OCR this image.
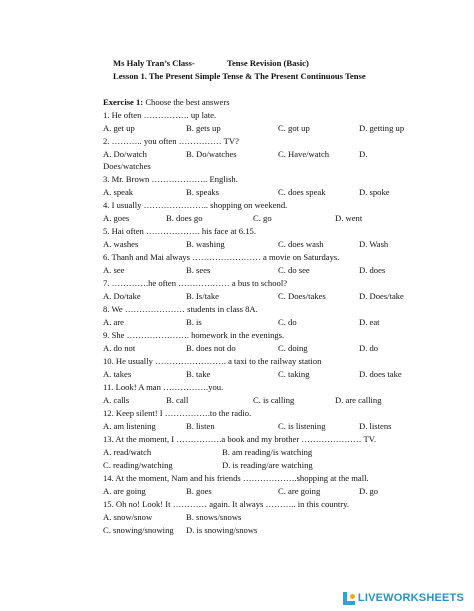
Ms Haly Tran’s Class-	Tense Revision (Basic)
Lesson 1. The Present Simple Tense & The Present Continuous Tense
Exercise 1: Choose the best answers
1. He often ……………. up late.
A. get up	B. gets up	C. got up	D. getting up
2. ……….. you often …………… TV?
A. Do/watch	B. Do/watches	C. Have/watch	D.
Does/watches
3. Mr. Brown ……………….. English.
A. speak	B. speaks	C. does speak	D. spoke
4. I usually ………………….. shopping on weekend.
A. goes	B. does go	C. go	D. went
5. Hai often ………………. his face at 6.15.
A. washes	B. washing	C. does wash	D. Wash
6. Thanh and Mai always …………………… a movie on Saturdays.
A. see	B. sees	C. do see	D. does
7. ………….he often ……………… a bus to school?
A. Do/take	B. Is/take	C. Does/takes	D. Does/take
8. We ………………… students in class 8A.
A. are	B. is	C. do	D. eat
9. She …………………. homework in the evenings.
A. do not	B. does not do	C. doing	D. do
10. He usually ……………………. a taxi to the railway station
A. takes	B. take	C. taking	D. does take
11. Look! A man …………….you.
A. calls	B. call	C. is calling	D. are calling
12. Keep silent! I …………….to the radio.
A. am listening	B. listen	C. is listening	D. listens
13. At the moment, I …………….a book and my brother ………………… TV.
A. read/watch	B. am reading/is watching
C. reading/watching	D. is reading/are watching
14. At the moment, Nam and his friends ……………….shopping at the mall.
A. are going	B. goes	C. are going	D. go
15. Oh no! Look! It ………… again. It always ……….. in this country.
A. snow/snow	B. snows/snows
C. snowing/snowing D. is snowing/snows
LIVEWORKSHEETS
